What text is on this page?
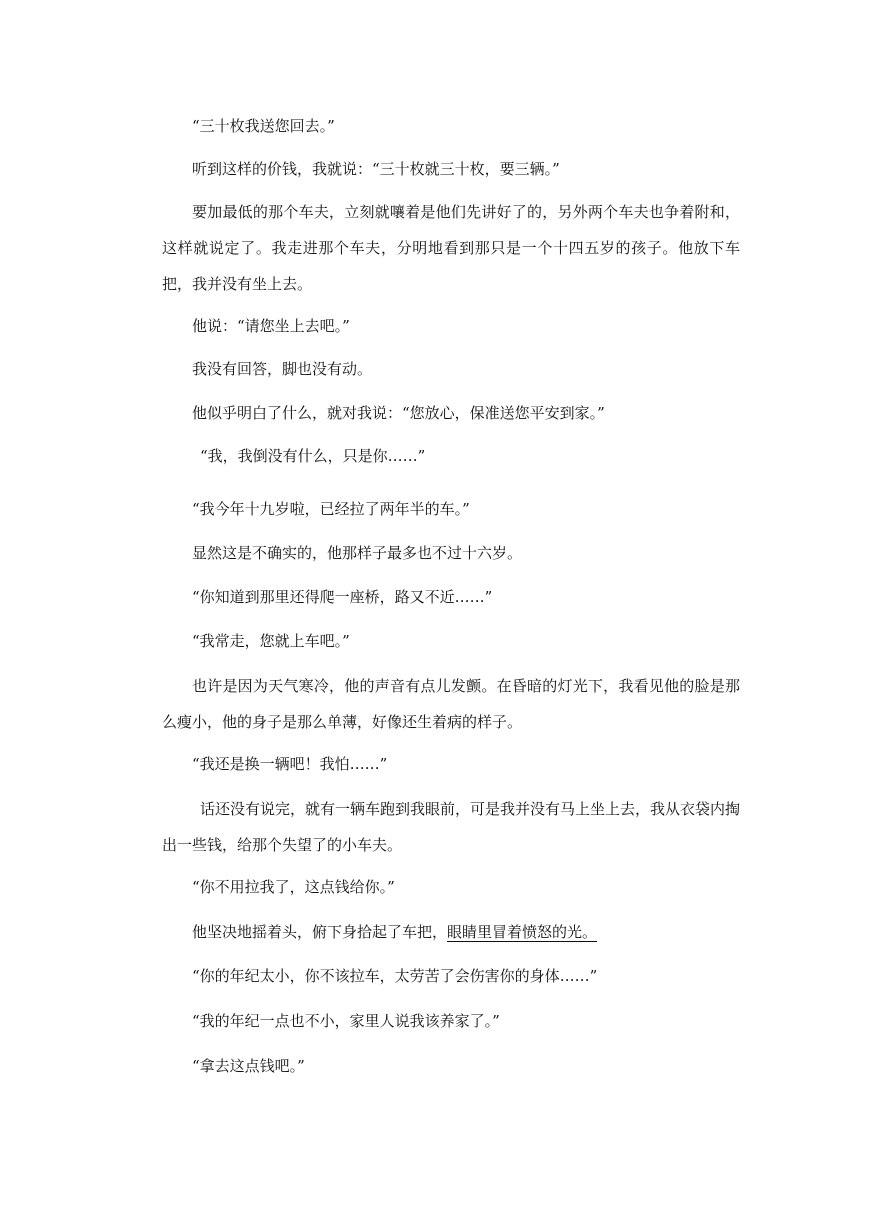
“三十枚我送您回去。”

听到这样的价钱，我就说：“三十枚就三十枚，要三辆。”

要加最低的那个车夫，立刻就嚷着是他们先讲好了的，另外两个车夫也争着附和，这样就说定了。我走进那个车夫，分明地看到那只是一个十四五岁的孩子。他放下车把，我并没有坐上去。

他说：“请您坐上去吧。”

我没有回答，脚也没有动。

他似乎明白了什么，就对我说：“您放心，保准送您平安到家。”

“我，我倒没有什么，只是你……”

“我今年十九岁啦，已经拉了两年半的车。”

显然这是不确实的，他那样子最多也不过十六岁。

“你知道到那里还得爬一座桥，路又不近……”

“我常走，您就上车吧。”

也许是因为天气寒冷，他的声音有点儿发颤。在昏暗的灯光下，我看见他的脸是那么瘦小，他的身子是那么单薄，好像还生着病的样子。

“我还是换一辆吧！我怕……”

话还没有说完，就有一辆车跑到我眼前，可是我并没有马上坐上去，我从衣袋内掏出一些钱，给那个失望了的小车夫。

“你不用拉我了，这点钱给你。”

他坚决地摇着头，俯下身拾起了车把，眼睛里冒着愤怒的光。

“你的年纪太小，你不该拉车，太劳苦了会伤害你的身体……”

“我的年纪一点也不小，家里人说我该养家了。”

“拿去这点钱吧。”
